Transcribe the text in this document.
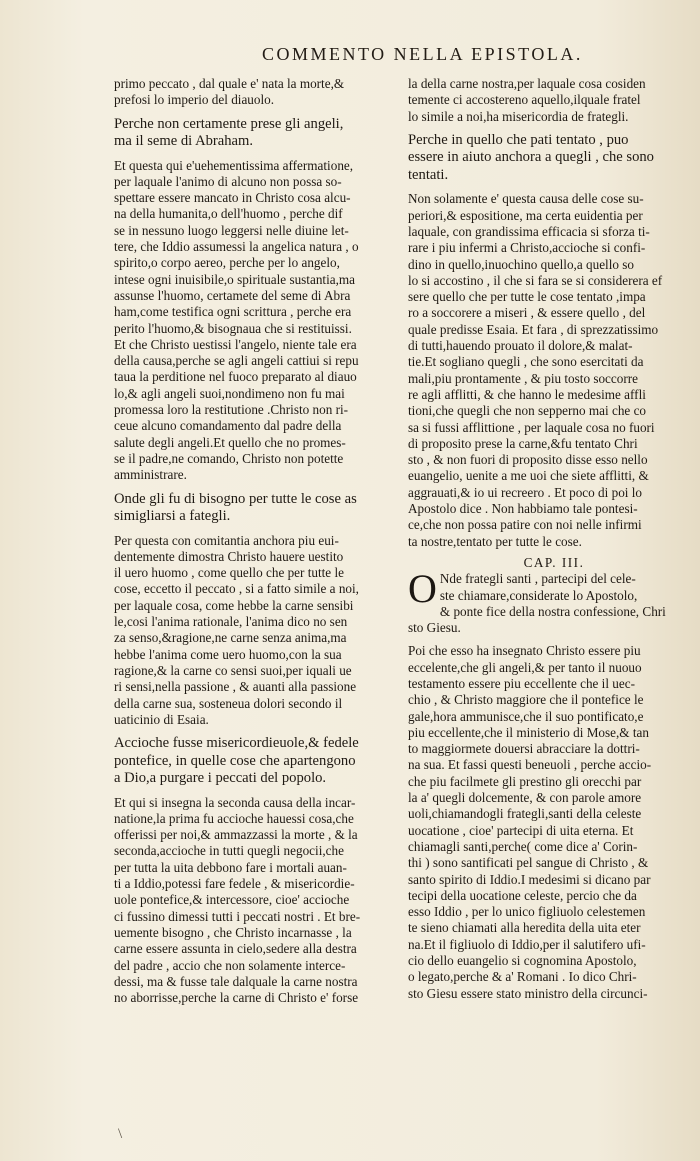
COMMENTO NELLA EPISTOLA.

primo peccato , dal quale e' nata la morte,&
prefosi lo imperio del diauolo.

Perche non certamente prese gli angeli,
ma il seme di Abraham.

Et questa qui e'uehementissima affermatione,
per laquale l'animo di alcuno non possa so-
spettare essere mancato in Christo cosa alcu-
na della humanita,o dell'huomo , perche dif
se in nessuno luogo leggersi nelle diuine let-
tere, che Iddio assumessi la angelica natura , o
spirito,o corpo aereo, perche per lo angelo,
intese ogni inuisibile,o spirituale sustantia,ma
assunse l'huomo, certamete del seme di Abra
ham,come testifica ogni scrittura , perche era
perito l'huomo,& bisognaua che si restituissi.
Et che Christo uestissi l'angelo, niente tale era
della causa,perche se agli angeli cattiui si repu
taua la perditione nel fuoco preparato al diauo
lo,& agli angeli suoi,nondimeno non fu mai
promessa loro la restitutione .Christo non ri-
ceue alcuno comandamento dal padre della
salute degli angeli.Et quello che no promes-
se il padre,ne comando, Christo non potette
amministrare.

Onde gli fu di bisogno per tutte le cose as
simigliarsi a fategli.

Per questa con comitantia anchora piu eui-
dentemente dimostra Christo hauere uestito
il uero huomo , come quello che per tutte le
cose, eccetto il peccato , si a fatto simile a noi,
per laquale cosa, come hebbe la carne sensibi
le,cosi l'anima rationale, l'anima dico no sen
za senso,&ragione,ne carne senza anima,ma
hebbe l'anima come uero huomo,con la sua
ragione,& la carne co sensi suoi,per iquali ue
ri sensi,nella passione , & auanti alla passione
della carne sua, sosteneua dolori secondo il
uaticinio di Esaia.

Accioche fusse misericordieuole,& fedele
pontefice, in quelle cose che apartengono
a Dio,a purgare i peccati del popolo.

Et qui si insegna la seconda causa della incar-
natione,la prima fu accioche hauessi cosa,che
offerissi per noi,& ammazzassi la morte , & la
seconda,accioche in tutti quegli negocii,che
per tutta la uita debbono fare i mortali auan-
ti a Iddio,potessi fare fedele , & misericordie-
uole pontefice,& intercessore, cioe' accioche
ci fussino dimessi tutti i peccati nostri . Et bre-
uemente bisogno , che Christo incarnasse , la
carne essere assunta in cielo,sedere alla destra
del padre , accio che non solamente interce-
dessi, ma & fusse tale dalquale la carne nostra
no aborrisse,perche la carne di Christo e' forse

la della carne nostra,per laquale cosa cosiden
temente ci accostereno aquello,ilquale fratel
lo simile a noi,ha misericordia de frategli.

Perche in quello che pati tentato , puo
essere in aiuto anchora a quegli , che sono
tentati.

Non solamente e' questa causa delle cose su-
periori,& espositione, ma certa euidentia per
laquale, con grandissima efficacia si sforza ti-
rare i piu infermi a Christo,accioche si confi-
dino in quello,inuochino quello,a quello so
lo si accostino , il che si fara se si considerera ef
sere quello che per tutte le cose tentato ,impa
ro a soccorere a miseri , & essere quello , del
quale predisse Esaia. Et fara , di sprezzatissimo
di tutti,hauendo prouato il dolore,& malat-
tie.Et sogliano quegli , che sono esercitati da
mali,piu prontamente , & piu tosto soccorre
re agli afflitti, & che hanno le medesime affli
tioni,che quegli che non sepperno mai che co
sa si fussi afflittione , per laquale cosa no fuori
di proposito prese la carne,&fu tentato Chri
sto , & non fuori di proposito disse esso nello
euangelio, uenite a me uoi che siete afflitti, &
aggrauati,& io ui recreero . Et poco di poi lo
Apostolo dice . Non habbiamo tale pontesi-
ce,che non possa patire con noi nelle infirmi
ta nostre,tentato per tutte le cose.

CAP. III.

O Nde frategli santi , partecipi del cele-
ste chiamare,considerate lo Apostolo,
& ponte fice della nostra confessione, Chri
sto Giesu.

Poi che esso ha insegnato Christo essere piu
eccelente,che gli angeli,& per tanto il nuouo
testamento essere piu eccellente che il uec-
chio , & Christo maggiore che il pontefice le
gale,hora ammunisce,che il suo pontificato,e
piu eccellente,che il ministerio di Mose,& tan
to maggiormete douersi abracciare la dottri-
na sua. Et fassi questi beneuoli , perche accio-
che piu facilmete gli prestino gli orecchi par
la a' quegli dolcemente, & con parole amore
uoli,chiamandogli frategli,santi della celeste
uocatione , cioe' partecipi di uita eterna. Et
chiamagli santi,perche( come dice a' Corin-
thi ) sono santificati pel sangue di Christo , &
santo spirito di Iddio.I medesimi si dicano par
tecipi della uocatione celeste, percio che da
esso Iddio , per lo unico figliuolo celestemen
te sieno chiamati alla heredita della uita eter
na.Et il figliuolo di Iddio,per il salutifero ufi-
cio dello euangelio si cognomina Apostolo,
o legato,perche & a' Romani . Io dico Chri-
sto Giesu essere stato ministro della circunci-

\
